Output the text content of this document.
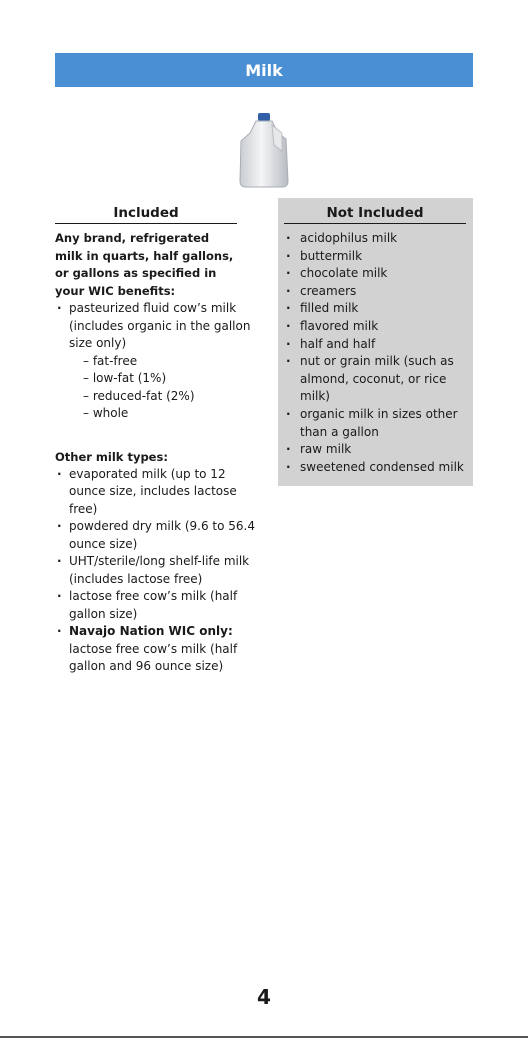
Milk
Included
Any brand, refrigerated milk in quarts, half gallons, or gallons as specified in your WIC benefits:
· pasteurized fluid cow’s milk (includes organic in the gallon size only)
– fat-free
– low-fat (1%)
– reduced-fat (2%)
– whole
Other milk types:
· evaporated milk (up to 12 ounce size, includes lactose free)
· powdered dry milk (9.6 to 56.4 ounce size)
· UHT/sterile/long shelf-life milk (includes lactose free)
· lactose free cow’s milk (half gallon size)
· Navajo Nation WIC only:
lactose free cow’s milk (half gallon and 96 ounce size)
Not Included
· acidophilus milk
· buttermilk
· chocolate milk
· creamers
· filled milk
· flavored milk
· half and half
· nut or grain milk (such as almond, coconut, or rice milk)
· organic milk in sizes other than a gallon
· raw milk
· sweetened condensed milk
4
